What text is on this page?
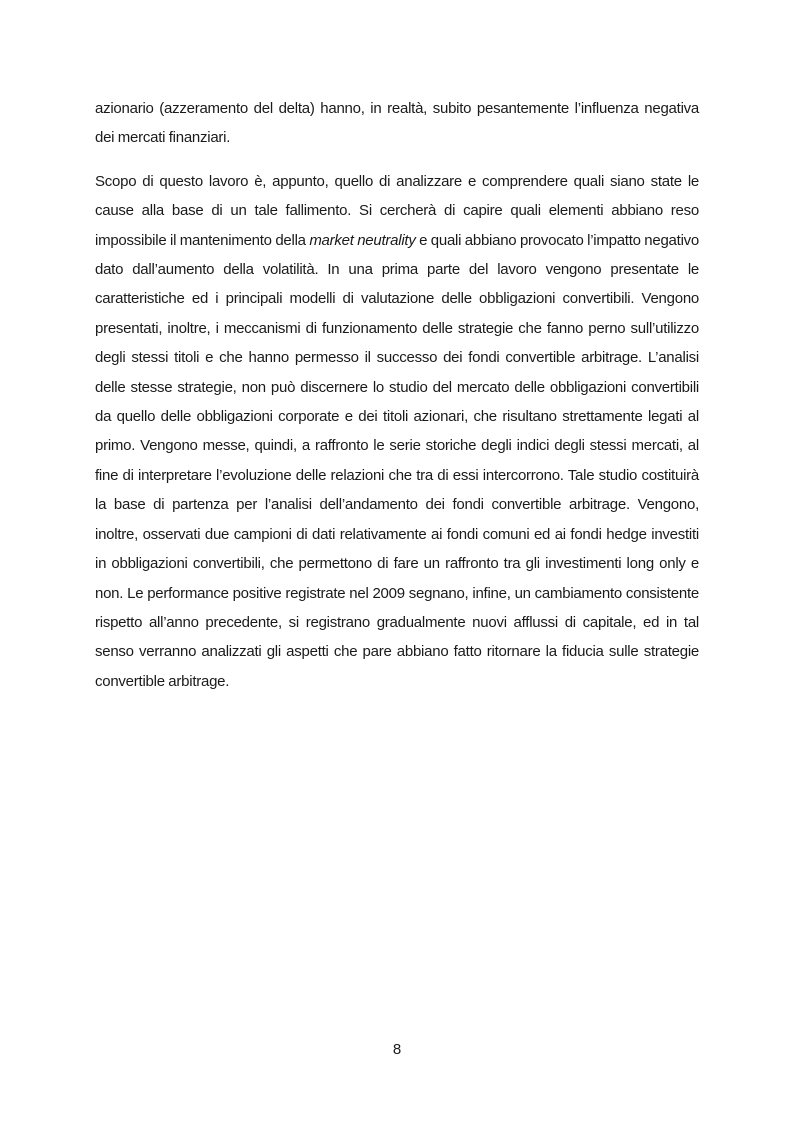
azionario (azzeramento del delta) hanno, in realtà, subito pesantemente l’influenza negativa dei mercati finanziari.

Scopo di questo lavoro è, appunto, quello di analizzare e comprendere quali siano state le cause alla base di un tale fallimento. Si cercherà di capire quali elementi abbiano reso impossibile il mantenimento della market neutrality e quali abbiano provocato l’impatto negativo dato dall’aumento della volatilità. In una prima parte del lavoro vengono presentate le caratteristiche ed i principali modelli di valutazione delle obbligazioni convertibili. Vengono presentati, inoltre, i meccanismi di funzionamento delle strategie che fanno perno sull’utilizzo degli stessi titoli e che hanno permesso il successo dei fondi convertible arbitrage. L’analisi delle stesse strategie, non può discernere lo studio del mercato delle obbligazioni convertibili da quello delle obbligazioni corporate e dei titoli azionari, che risultano strettamente legati al primo. Vengono messe, quindi, a raffronto le serie storiche degli indici degli stessi mercati, al fine di interpretare l’evoluzione delle relazioni che tra di essi intercorrono. Tale studio costituirà la base di partenza per l’analisi dell’andamento dei fondi convertible arbitrage. Vengono, inoltre, osservati due campioni di dati relativamente ai fondi comuni ed ai fondi hedge investiti in obbligazioni convertibili, che permettono di fare un raffronto tra gli investimenti long only e non. Le performance positive registrate nel 2009 segnano, infine, un cambiamento consistente rispetto all’anno precedente, si registrano gradualmente nuovi afflussi di capitale, ed in tal senso verranno analizzati gli aspetti che pare abbiano fatto ritornare la fiducia sulle strategie convertible arbitrage.

8
